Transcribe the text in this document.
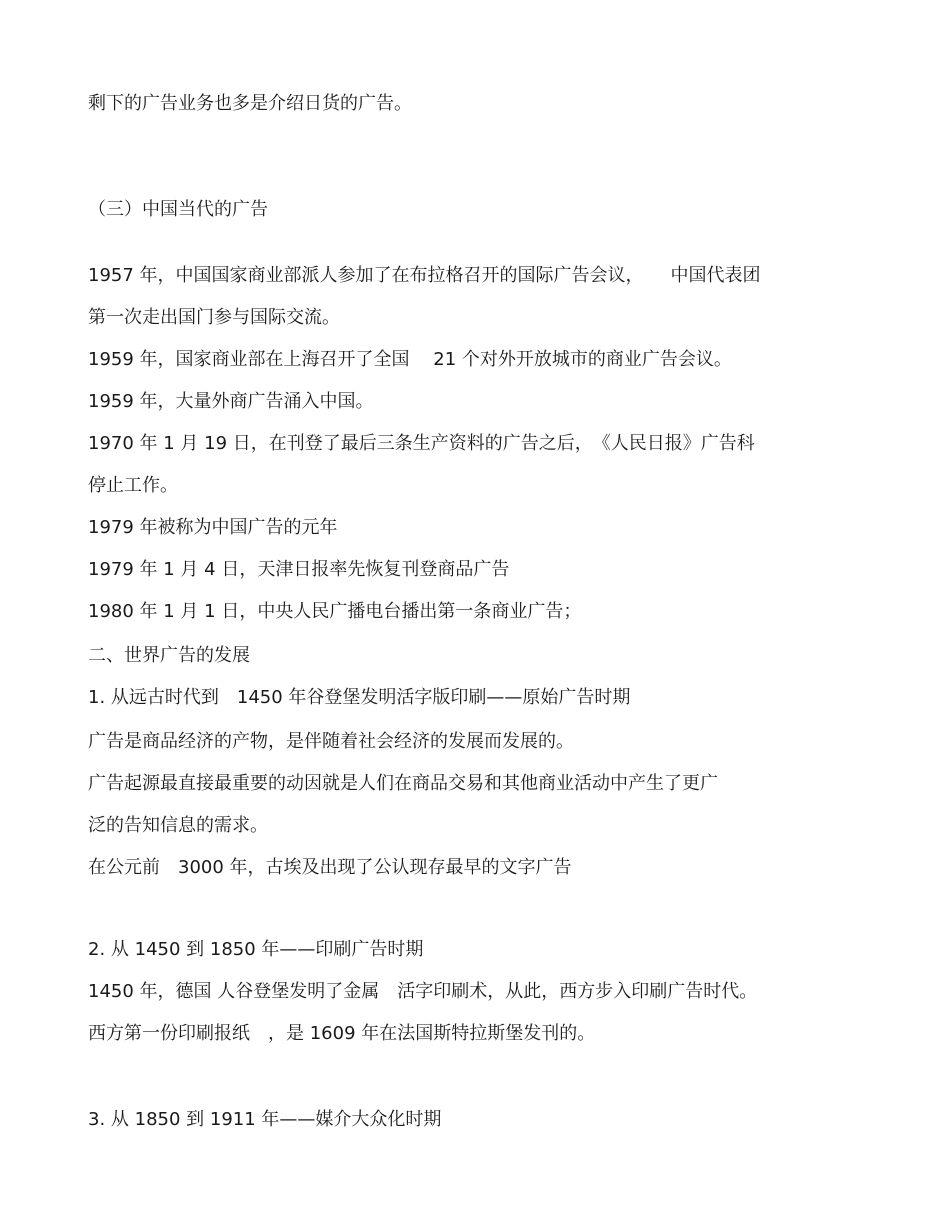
剩下的广告业务也多是介绍日货的广告。
（三）中国当代的广告
1957 年，中国国家商业部派人参加了在布拉格召开的国际广告会议，　　中国代表团
第一次走出国门参与国际交流。
1959 年，国家商业部在上海召开了全国　 21 个对外开放城市的商业广告会议。
1959 年，大量外商广告涌入中国。
1970 年 1 月 19 日，在刊登了最后三条生产资料的广告之后，　《人民日报》广告科
停止工作。
1979 年被称为中国广告的元年
1979 年 1 月 4 日，天津日报率先恢复刊登商品广告
1980 年 1 月 1 日，中央人民广播电台播出第一条商业广告；
二、世界广告的发展
1. 从远古时代到　1450 年谷登堡发明活字版印刷——原始广告时期
广告是商品经济的产物，是伴随着社会经济的发展而发展的。
广告起源最直接最重要的动因就是人们在商品交易和其他商业活动中产生了更广
泛的告知信息的需求。
在公元前　3000 年，古埃及出现了公认现存最早的文字广告
2. 从 1450 到 1850 年——印刷广告时期
1450 年，德国 人谷登堡发明了金属　活字印刷术，从此，西方步入印刷广告时代。
西方第一份印刷报纸　，是 1609 年在法国斯特拉斯堡发刊的。
3. 从 1850 到 1911 年——媒介大众化时期
